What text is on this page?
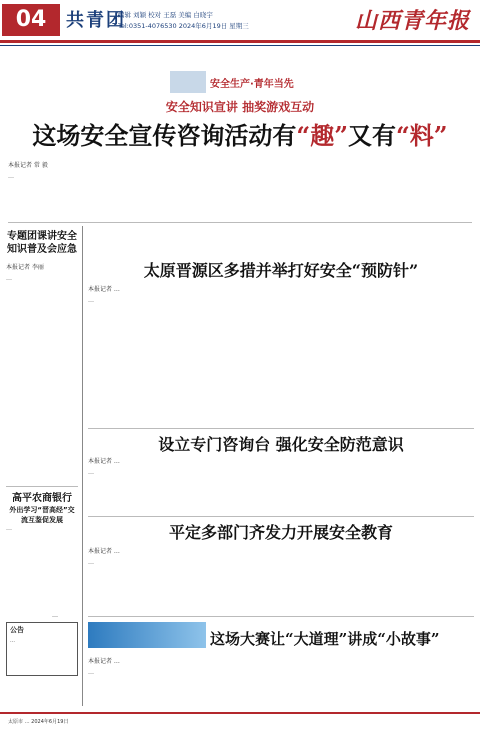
04	共青团
编辑 刘颖 校对 王磊 美编 白晓宇
Tel:0351-4076530 2024年6月19日 星期三	山西青年报
安全生产·青年当先
安全知识宣讲 抽奖游戏互动
这场安全宣传咨询活动有“趣”又有“料”
本报记者 常 毅
…
专题团课讲安全
知识普及会应急
本报记者 李丽
…
高平农商银行
外出学习“晋高经”交流互鉴促发展
…
…
公告
…
太原晋源区多措并举打好安全“预防针”
本报记者 …
…
设立专门咨询台 强化安全防范意识
本报记者 …
…
平定多部门齐发力开展安全教育
本报记者 …
…
这场大赛让“大道理”讲成“小故事”
本报记者 …
…
太原市 … 2024年6月19日
